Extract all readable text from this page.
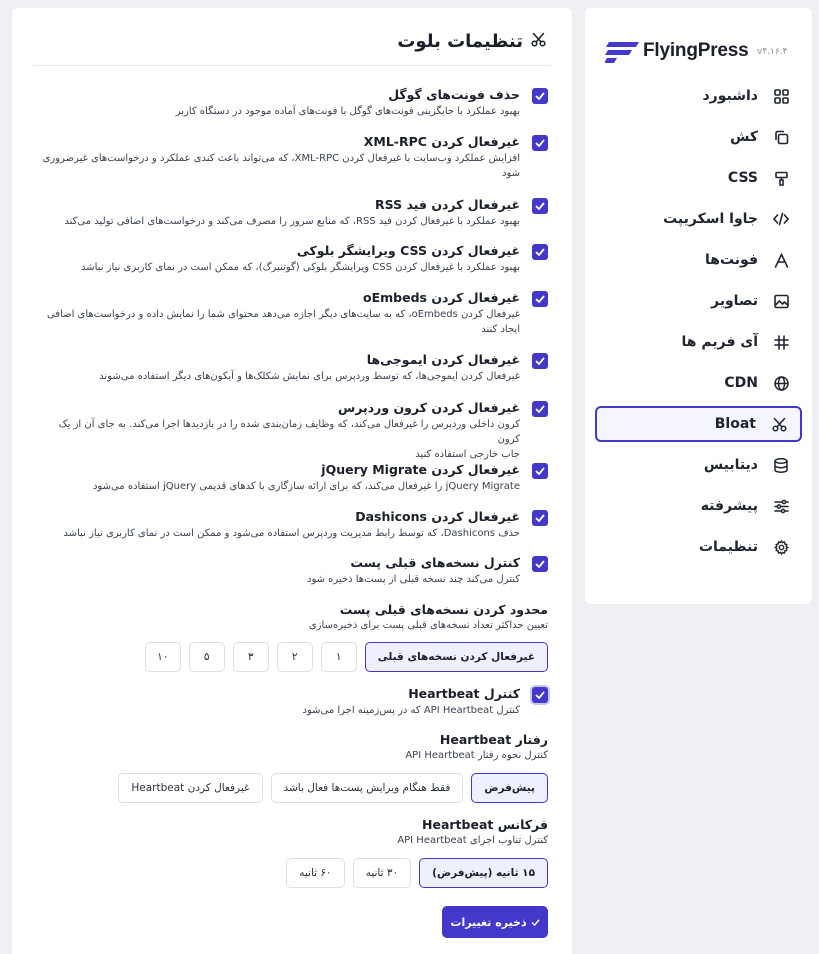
FlyingPress v۴.۱۶.۴
داشبورد
کش
CSS
جاوا اسکریپت
فونت‌ها
تصاویر
آی فریم ها
CDN
Bloat
دیتابیس
پیشرفته
تنظیمات
تنظیمات بلوت
حذف فونت‌های گوگل
بهبود عملکرد با جایگزینی فونت‌های گوگل با فونت‌های آماده موجود در دستگاه کاربر
غیرفعال کردن XML-RPC
افزایش عملکرد وب‌سایت با غیرفعال کردن XML-RPC، که می‌تواند باعث کندی عملکرد و درخواست‌های غیرضروری
شود
غیرفعال کردن فید RSS
بهبود عملکرد با غیرفعال کردن فید RSS، که منابع سرور را مصرف می‌کند و درخواست‌های اضافی تولید می‌کند
غیرفعال کردن CSS ویرایشگر بلوکی
بهبود عملکرد با غیرفعال کردن CSS ویرایشگر بلوکی (گوتنبرگ)، که ممکن است در نمای کاربری نیاز نباشد
غیرفعال کردن oEmbeds
غیرفعال کردن oEmbeds، که به سایت‌های دیگر اجازه می‌دهد محتوای شما را نمایش داده و درخواست‌های اضافی
ایجاد کنند
غیرفعال کردن ایموجی‌ها
غیرفعال کردن ایموجی‌ها، که توسط وردپرس برای نمایش شکلک‌ها و آیکون‌های دیگر استفاده می‌شوند
غیرفعال کردن کرون وردپرس
کرون داخلی وردپرس را غیرفعال می‌کند، که وظایف زمان‌بندی شده را در بازدیدها اجرا می‌کند. به جای آن از یک کرون
جاب خارجی استفاده کنید
غیرفعال کردن jQuery Migrate
jQuery Migrate را غیرفعال می‌کند، که برای ارائه سازگاری با کدهای قدیمی jQuery استفاده می‌شود
غیرفعال کردن Dashicons
حذف Dashicons، که توسط رابط مدیریت وردپرس استفاده می‌شود و ممکن است در نمای کاربری نیاز نباشد
کنترل نسخه‌های قبلی پست
کنترل می‌کند چند نسخه قبلی از پست‌ها ذخیره شود
محدود کردن نسخه‌های قبلی پست
تعیین حداکثر تعداد نسخه‌های قبلی پست برای ذخیره‌سازی
غیرفعال کردن نسخه‌های قبلی
۱
۲
۳
۵
۱۰
کنترل Heartbeat
کنترل API Heartbeat که در پس‌زمینه اجرا می‌شود
رفتار Heartbeat
کنترل نحوه رفتار API Heartbeat
پیش‌فرض
فقط هنگام ویرایش پست‌ها فعال باشد
غیرفعال کردن Heartbeat
فرکانس Heartbeat
کنترل تناوب اجرای API Heartbeat
۱۵ ثانیه (پیش‌فرض)
۳۰ ثانیه
۶۰ ثانیه
ذخیره تغییرات
